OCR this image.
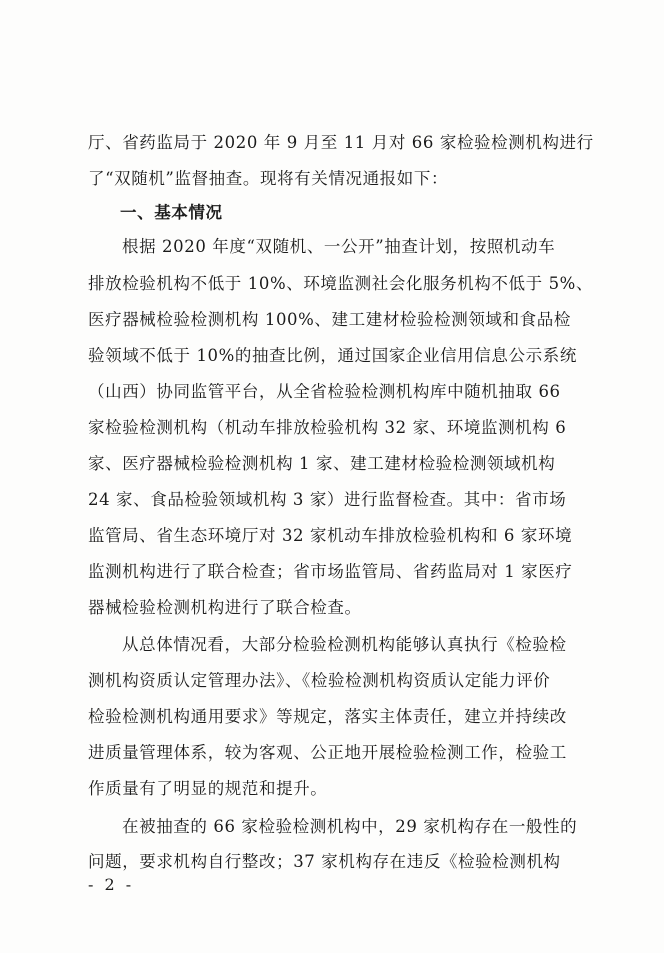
厅、省药监局于 2020 年 9 月至 11 月对 66 家检验检测机构进行
了“双随机”监督抽查。现将有关情况通报如下：
一、基本情况
根据 2020 年度“双随机、一公开”抽查计划，按照机动车
排放检验机构不低于 10%、环境监测社会化服务机构不低于 5%、
医疗器械检验检测机构 100%、建工建材检验检测领域和食品检
验领域不低于 10%的抽查比例，通过国家企业信用信息公示系统
（山西）协同监管平台，从全省检验检测机构库中随机抽取 66
家检验检测机构（机动车排放检验机构 32 家、环境监测机构 6
家、医疗器械检验检测机构 1 家、建工建材检验检测领域机构
24 家、食品检验领域机构 3 家）进行监督检查。其中：省市场
监管局、省生态环境厅对 32 家机动车排放检验机构和 6 家环境
监测机构进行了联合检查；省市场监管局、省药监局对 1 家医疗
器械检验检测机构进行了联合检查。
从总体情况看，大部分检验检测机构能够认真执行《检验检
测机构资质认定管理办法》、《检验检测机构资质认定能力评价
检验检测机构通用要求》等规定，落实主体责任，建立并持续改
进质量管理体系，较为客观、公正地开展检验检测工作，检验工
作质量有了明显的规范和提升。
在被抽查的 66 家检验检测机构中，29 家机构存在一般性的
问题，要求机构自行整改；37 家机构存在违反《检验检测机构
- 2 -
